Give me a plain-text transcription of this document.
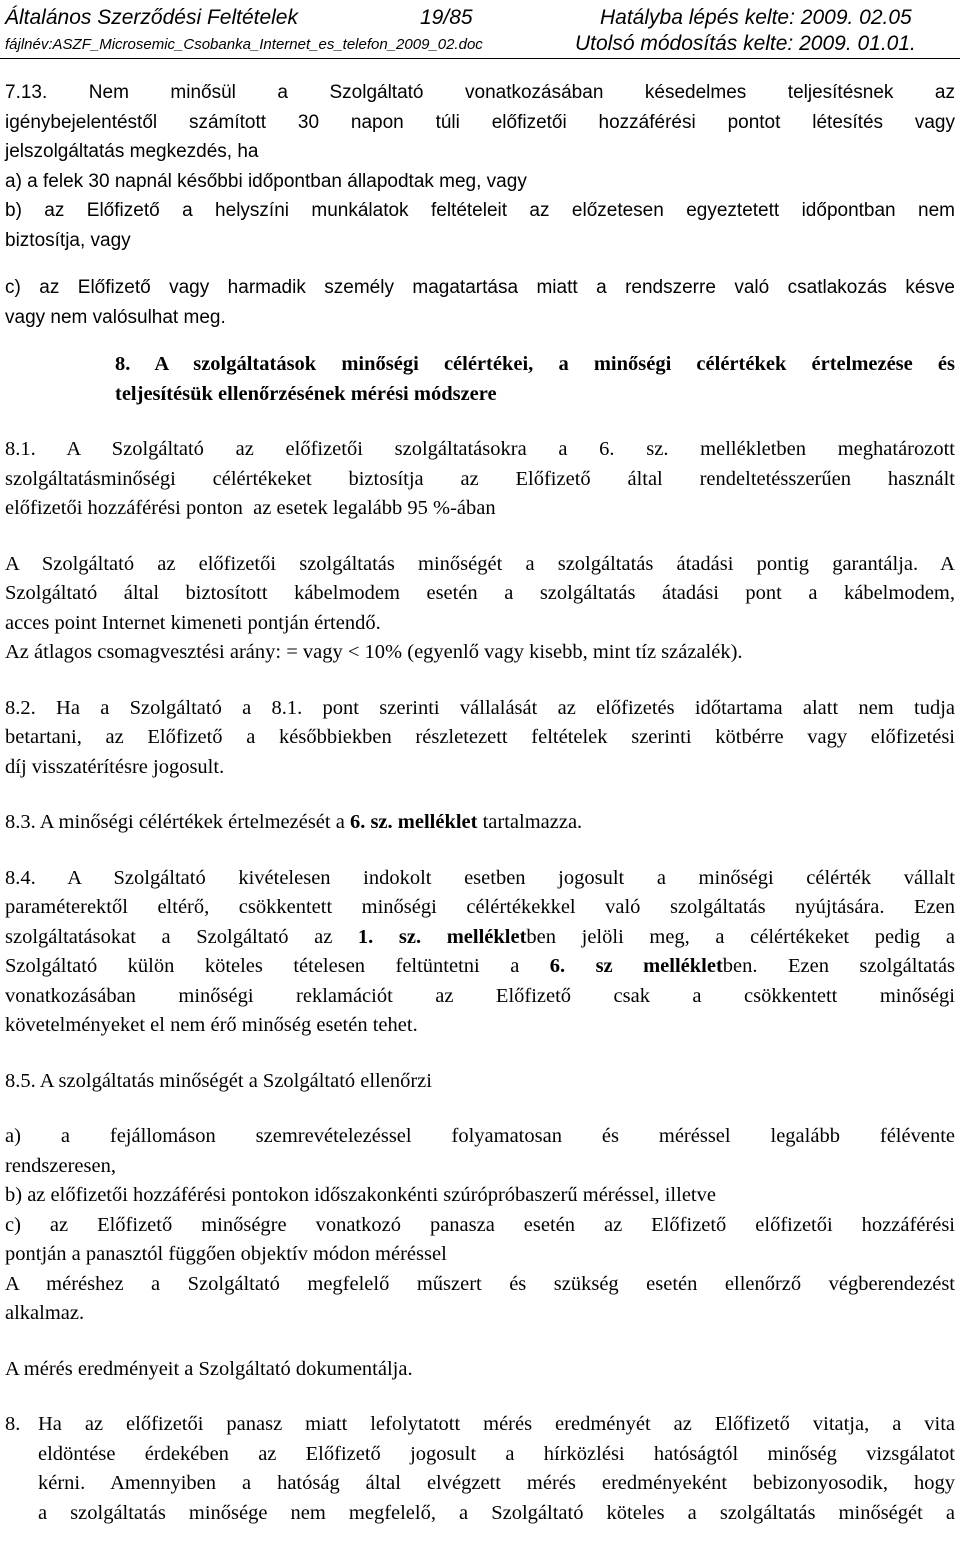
Általános Szerződési Feltételek	19/85	Hatályba lépés kelte: 2009. 02.05
fájlnév:ASZF_Microsemic_Csobanka_Internet_es_telefon_2009_02.doc	Utolsó módosítás kelte: 2009. 01.01.

7.13. Nem minősül a Szolgáltató vonatkozásában késedelmes teljesítésnek az

igénybejelentéstől számított 30 napon túli előfizetői hozzáférési pontot létesítés vagy

jelszolgáltatás megkezdés, ha

a) a felek 30 napnál későbbi időpontban állapodtak meg, vagy

b) az Előfizető a helyszíni munkálatok feltételeit az előzetesen egyeztetett időpontban nem

biztosítja, vagy

c) az Előfizető vagy harmadik személy magatartása miatt a rendszerre való csatlakozás késve

vagy nem valósulhat meg.

8. A szolgáltatások minőségi célértékei, a minőségi célértékek értelmezése és

teljesítésük ellenőrzésének mérési módszere

8.1. A Szolgáltató az előfizetői szolgáltatásokra a 6. sz. mellékletben meghatározott

szolgáltatásminőségi célértékeket biztosítja az Előfizető által rendeltetésszerűen használt

előfizetői hozzáférési ponton  az esetek legalább 95 %-ában

A Szolgáltató az előfizetői szolgáltatás minőségét a szolgáltatás átadási pontig garantálja. A

Szolgáltató által biztosított kábelmodem esetén a szolgáltatás átadási pont a kábelmodem,

acces point Internet kimeneti pontján értendő.

Az átlagos csomagvesztési arány: = vagy < 10% (egyenlő vagy kisebb, mint tíz százalék).

8.2. Ha a Szolgáltató a 8.1. pont szerinti vállalását az előfizetés időtartama alatt nem tudja

betartani, az Előfizető a későbbiekben részletezett feltételek szerinti kötbérre vagy előfizetési

díj visszatérítésre jogosult.

8.3. A minőségi célértékek értelmezését a 6. sz. melléklet tartalmazza.

8.4. A Szolgáltató kivételesen indokolt esetben jogosult a minőségi célérték vállalt

paraméterektől eltérő, csökkentett minőségi célértékekkel való szolgáltatás nyújtására. Ezen

szolgáltatásokat a Szolgáltató az 1. sz. mellékletben jelöli meg, a célértékeket pedig a

Szolgáltató külön köteles tételesen feltüntetni a 6. sz mellékletben. Ezen szolgáltatás

vonatkozásában minőségi reklamációt az Előfizető csak a csökkentett minőségi

követelményeket el nem érő minőség esetén tehet.

8.5. A szolgáltatás minőségét a Szolgáltató ellenőrzi

a) a fejállomáson szemrevételezéssel folyamatosan és méréssel legalább félévente

rendszeresen,

b) az előfizetői hozzáférési pontokon időszakonkénti szúrópróbaszerű méréssel, illetve

c) az Előfizető minőségre vonatkozó panasza esetén az Előfizető előfizetői hozzáférési

pontján a panasztól függően objektív módon méréssel

A méréshez a Szolgáltató megfelelő műszert és szükség esetén ellenőrző végberendezést

alkalmaz.

A mérés eredményeit a Szolgáltató dokumentálja.

8. Ha az előfizetői panasz miatt lefolytatott mérés eredményét az Előfizető vitatja, a vita

eldöntése érdekében az Előfizető jogosult a hírközlési hatóságtól minőség vizsgálatot

kérni. Amennyiben a hatóság által elvégzett mérés eredményeként bebizonyosodik, hogy

a szolgáltatás minősége nem megfelelő, a Szolgáltató köteles a szolgáltatás minőségét a
